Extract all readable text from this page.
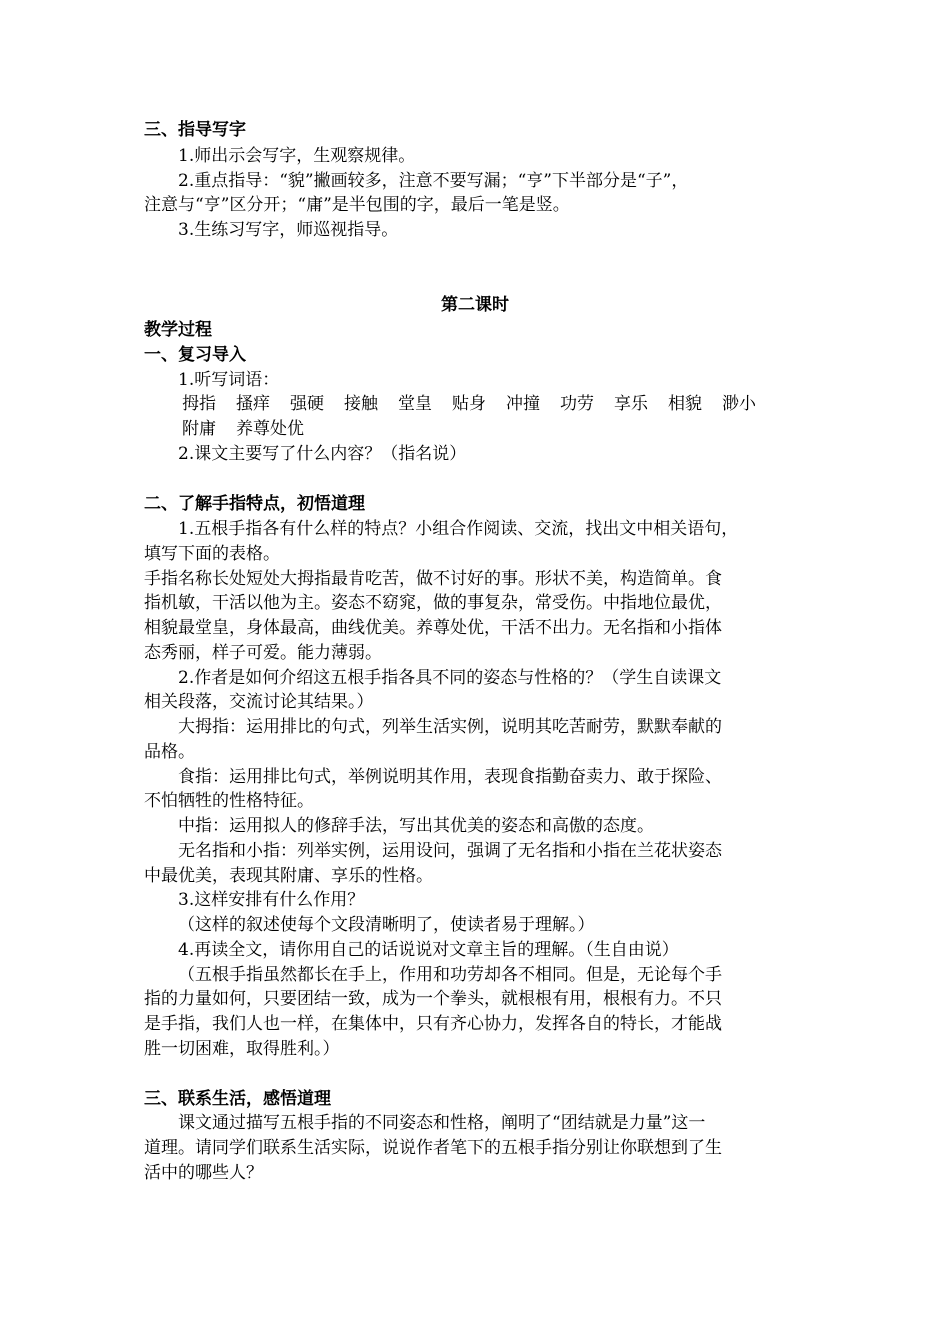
三、指导写字
1.师出示会写字，生观察规律。
2.重点指导：“貌”撇画较多，注意不要写漏；“亨”下半部分是“子”，
注意与“亨”区分开；“庸”是半包围的字，最后一笔是竖。
3.生练习写字，师巡视指导。
第二课时
教学过程
一、复习导入
1.听写词语：
拇指 搔痒 强硬 接触 堂皇 贴身 冲撞 功劳 享乐 相貌 渺小
附庸 养尊处优
2.课文主要写了什么内容？（指名说）
二、了解手指特点，初悟道理
1.五根手指各有什么样的特点？小组合作阅读、交流，找出文中相关语句，
填写下面的表格。
手指名称长处短处大拇指最肯吃苦，做不讨好的事。形状不美，构造简单。食
指机敏，干活以他为主。姿态不窈窕，做的事复杂，常受伤。中指地位最优，
相貌最堂皇，身体最高，曲线优美。养尊处优，干活不出力。无名指和小指体
态秀丽，样子可爱。能力薄弱。
2.作者是如何介绍这五根手指各具不同的姿态与性格的？（学生自读课文
相关段落，交流讨论其结果。）
大拇指：运用排比的句式，列举生活实例，说明其吃苦耐劳，默默奉献的
品格。
食指：运用排比句式，举例说明其作用，表现食指勤奋卖力、敢于探险、
不怕牺牲的性格特征。
中指：运用拟人的修辞手法，写出其优美的姿态和高傲的态度。
无名指和小指：列举实例，运用设问，强调了无名指和小指在兰花状姿态
中最优美，表现其附庸、享乐的性格。
3.这样安排有什么作用？
（这样的叙述使每个文段清晰明了，使读者易于理解。）
4.再读全文，请你用自己的话说说对文章主旨的理解。（生自由说）
（五根手指虽然都长在手上，作用和功劳却各不相同。但是，无论每个手
指的力量如何，只要团结一致，成为一个拳头，就根根有用，根根有力。不只
是手指，我们人也一样，在集体中，只有齐心协力，发挥各自的特长，才能战
胜一切困难，取得胜利。）
三、联系生活，感悟道理
课文通过描写五根手指的不同姿态和性格，阐明了“团结就是力量”这一
道理。请同学们联系生活实际，说说作者笔下的五根手指分别让你联想到了生
活中的哪些人？
